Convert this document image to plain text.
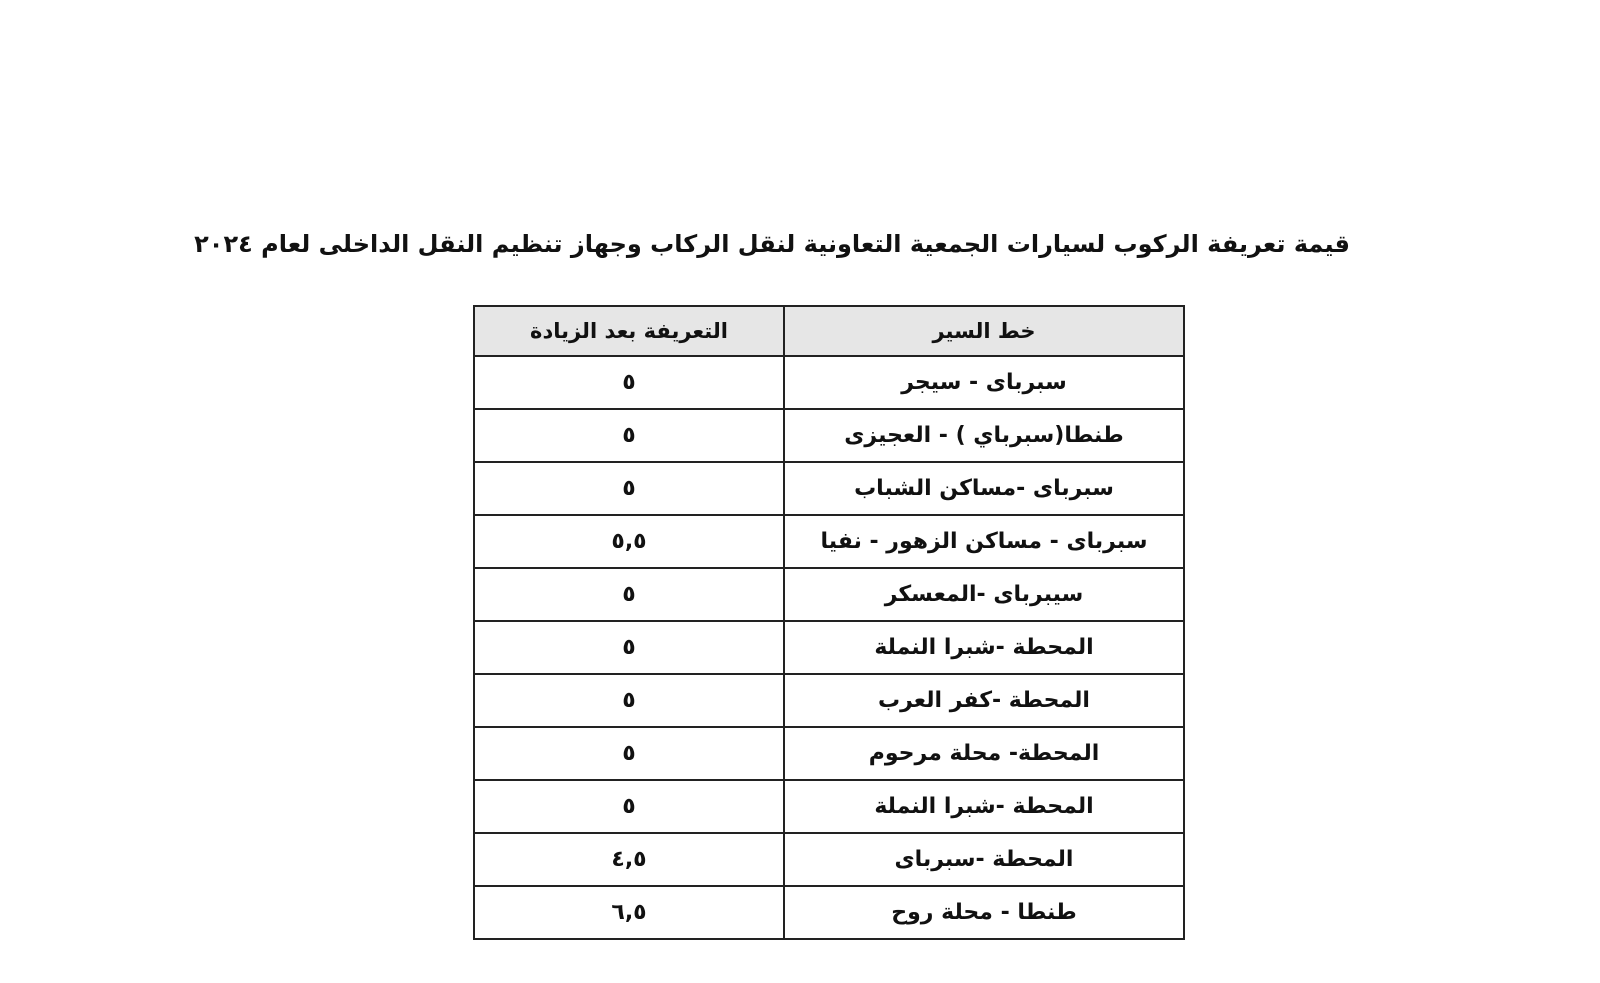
قيمة تعريفة الركوب لسيارات الجمعية التعاونية لنقل الركاب وجهاز تنظيم النقل الداخلى لعام ٢٠٢٤
خط السير	التعريفة بعد الزيادة
سبرباى - سيجر	٥
طنطا(سبرباي ) - العجيزى	٥
سبرباى -مساكن الشباب	٥
سبرباى - مساكن الزهور - نفيا	٥,٥
سيبرباى -المعسكر	٥
المحطة -شبرا النملة	٥
المحطة -كفر العرب	٥
المحطة- محلة مرحوم	٥
المحطة -شبرا النملة	٥
المحطة -سبرباى	٤,٥
طنطا - محلة روح	٦,٥
